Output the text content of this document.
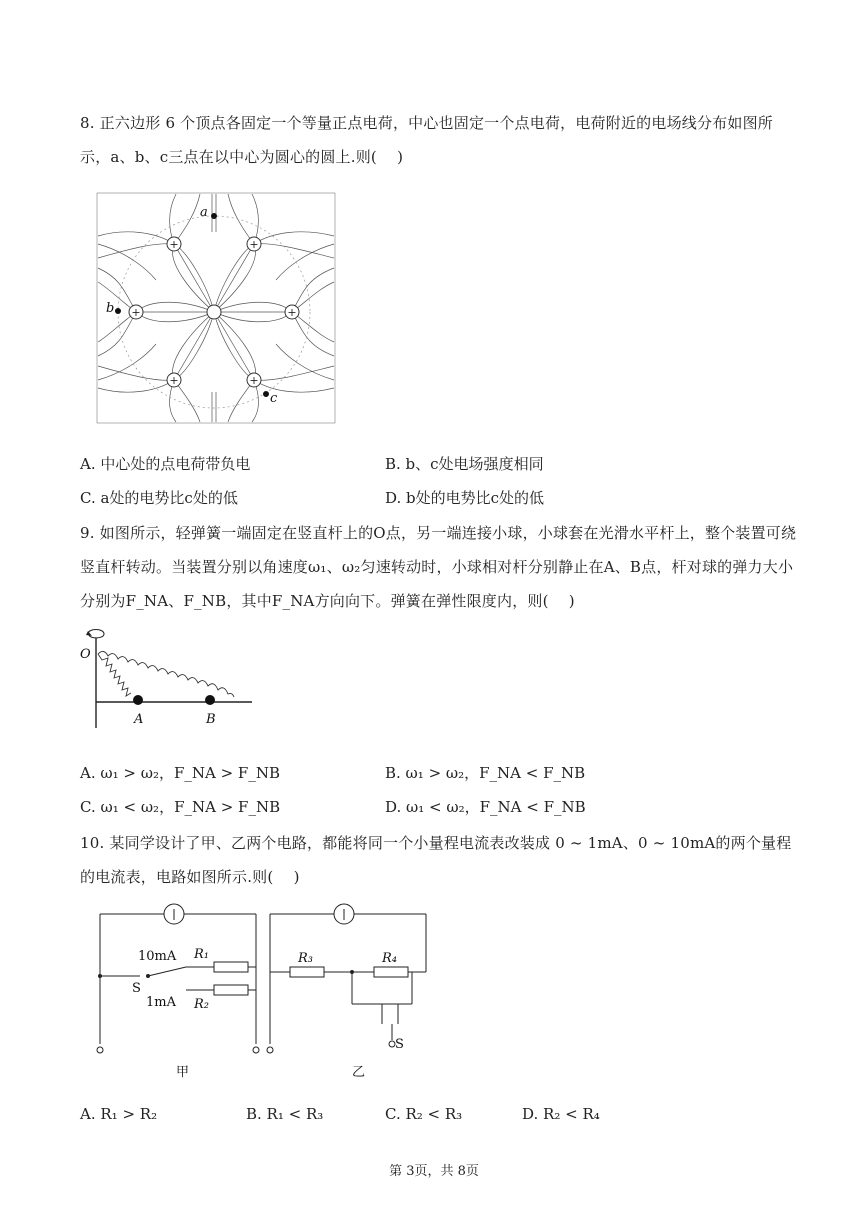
8. 正六边形 6 个顶点各固定一个等量正点电荷，中心也固定一个点电荷，电荷附近的电场线分布如图所示，a、b、c三点在以中心为圆心的圆上.则(　 )
+	+
+	+
+	+
a
b
c
A. 中心处的点电荷带负电	B. b、c处电场强度相同
C. a处的电势比c处的低	D. b处的电势比c处的低
9. 如图所示，轻弹簧一端固定在竖直杆上的O点，另一端连接小球，小球套在光滑水平杆上，整个装置可绕竖直杆转动。当装置分别以角速度ω₁、ω₂匀速转动时，小球相对杆分别静止在A、B点，杆对球的弹力大小分别为F_NA、F_NB，其中F_NA方向向下。弹簧在弹性限度内，则(　 )
O
A	B
A. ω₁ > ω₂，F_NA > F_NB	B. ω₁ > ω₂，F_NA < F_NB
C. ω₁ < ω₂，F_NA > F_NB	D. ω₁ < ω₂，F_NA < F_NB
10. 某同学设计了甲、乙两个电路，都能将同一个小量程电流表改装成 0 ~ 1mA、0 ~ 10mA的两个量程的电流表，电路如图所示.则(　 )
10mA R₁
S
1mA R₂
R₃	R₄
S
甲	乙
A. R₁ > R₂	B. R₁ < R₃	C. R₂ < R₃	D. R₂ < R₄
第 3页，共 8页
